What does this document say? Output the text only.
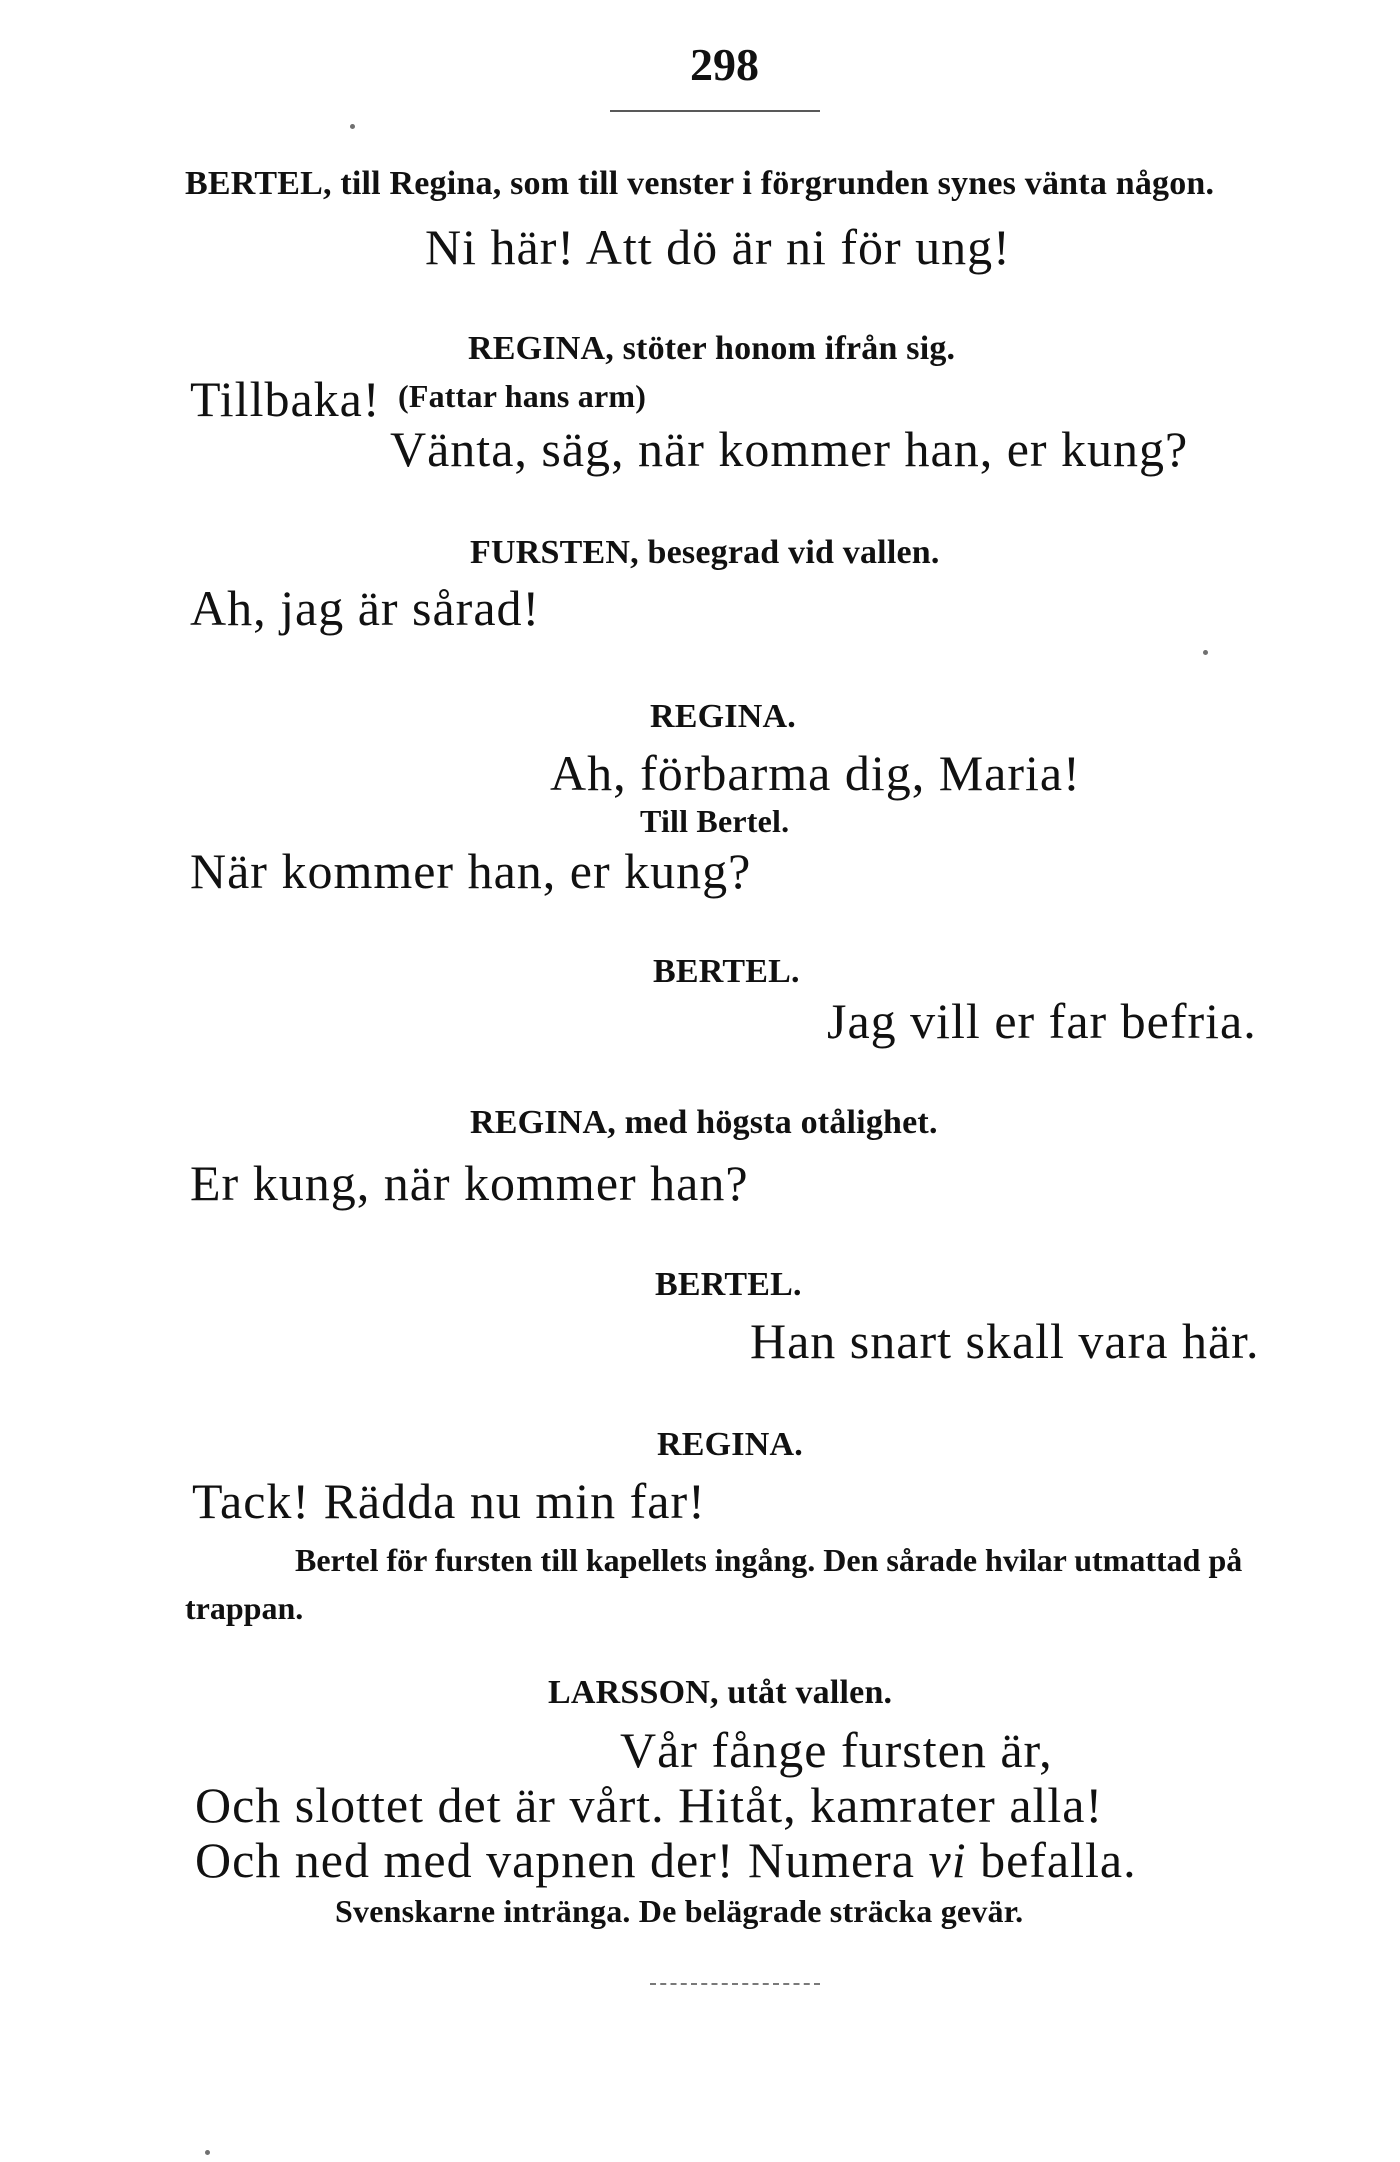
298
BERTEL, till Regina, som till venster i förgrunden synes vänta någon.
Ni här! Att dö är ni för ung!
REGINA, stöter honom ifrån sig.
Tillbaka! (Fattar hans arm)
Vänta, säg, när kommer han, er kung?
FURSTEN, besegrad vid vallen.
Ah, jag är sårad!
REGINA.
Ah, förbarma dig, Maria!
Till Bertel.
När kommer han, er kung?
BERTEL.
Jag vill er far befria.
REGINA, med högsta otålighet.
Er kung, när kommer han?
BERTEL.
Han snart skall vara här.
REGINA.
Tack! Rädda nu min far!
Bertel för fursten till kapellets ingång. Den sårade hvilar utmattad på trappan.
LARSSON, utåt vallen.
Vår fånge fursten är,
Och slottet det är vårt. Hitåt, kamrater alla!
Och ned med vapnen der! Numera vi befalla.
Svenskarne intränga. De belägrade sträcka gevär.
